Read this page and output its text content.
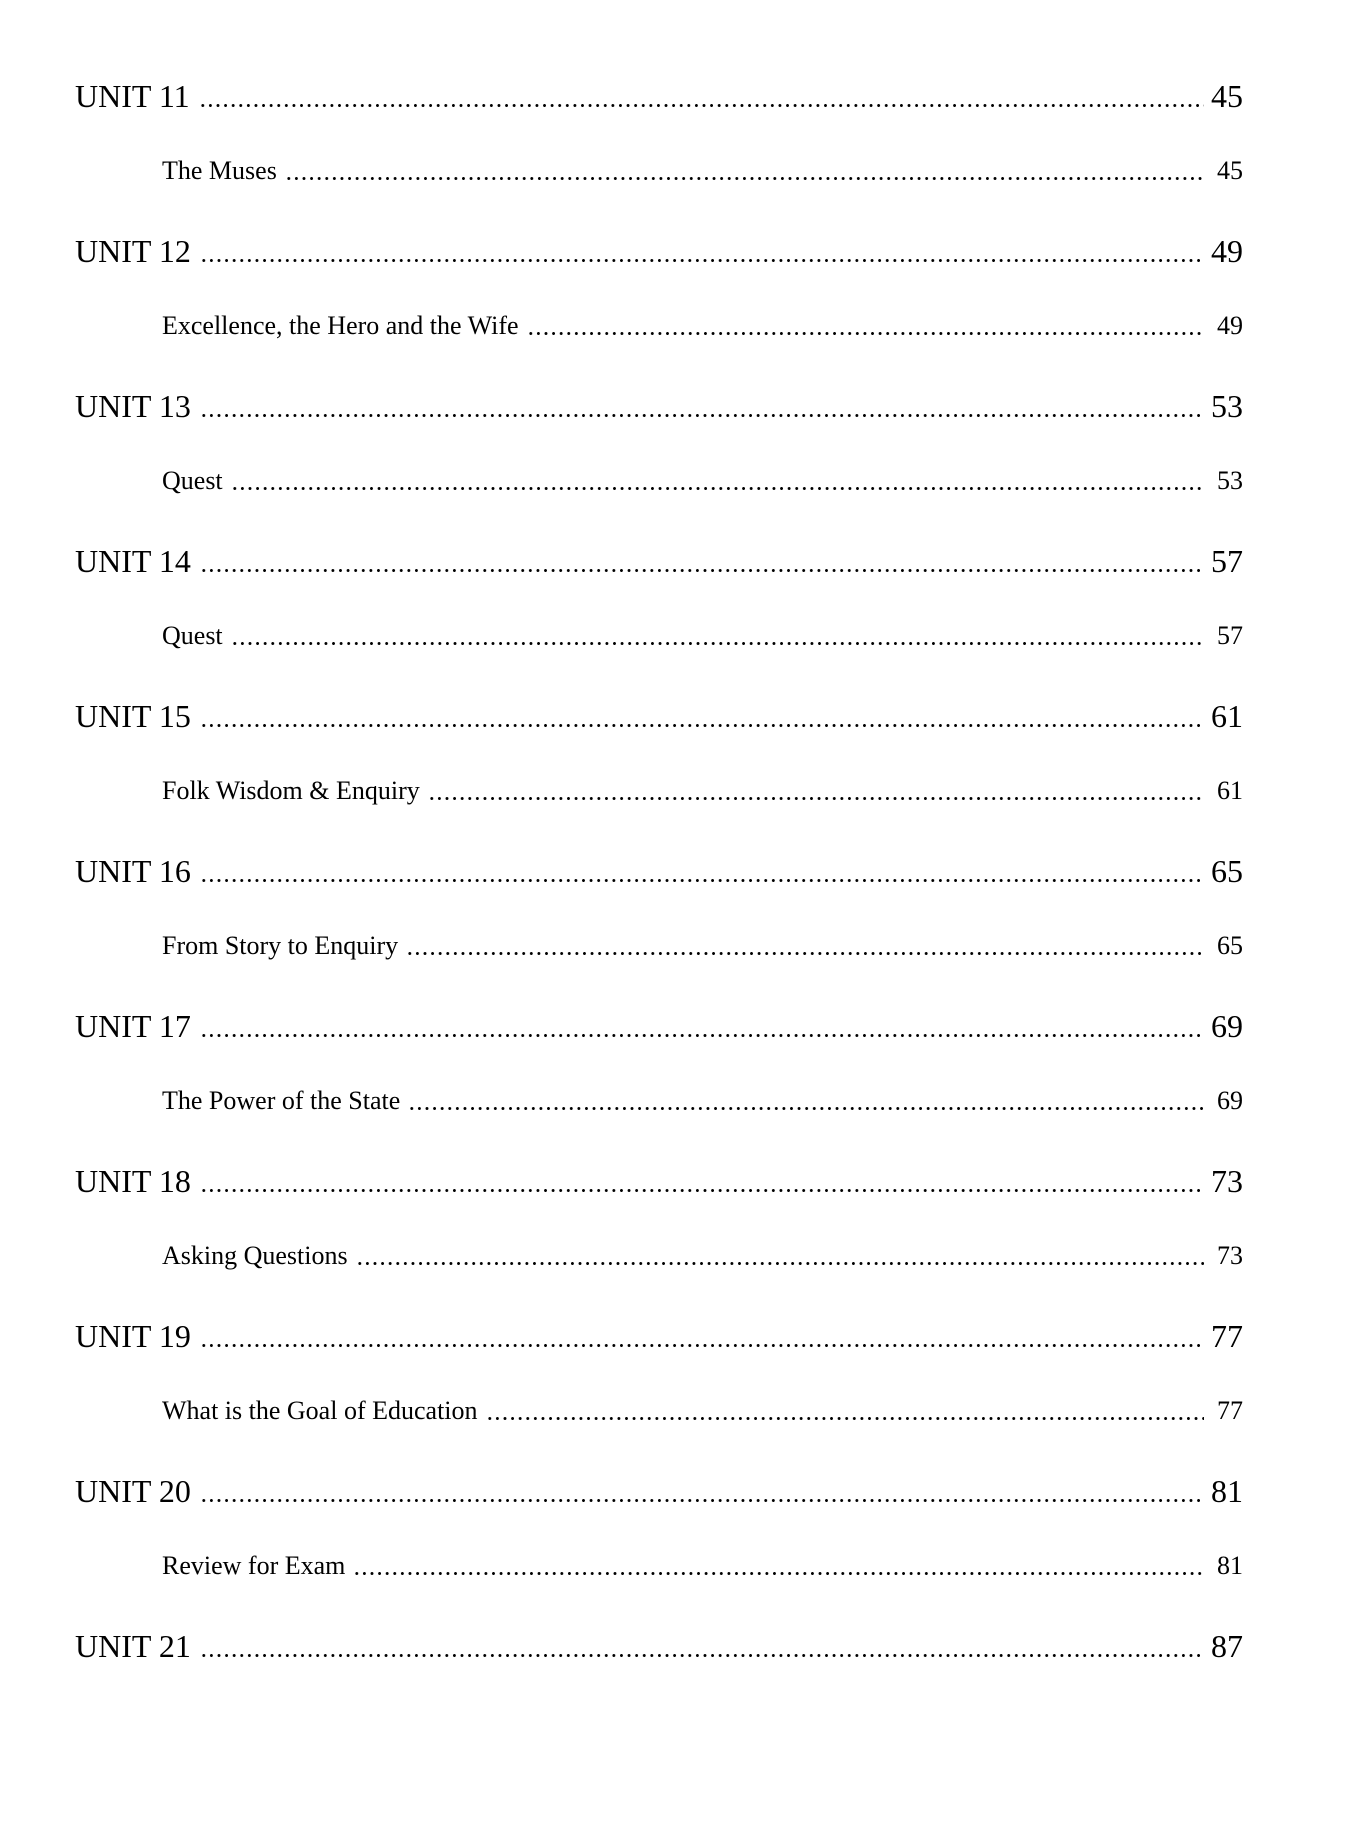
UNIT 11	45
The Muses	45
UNIT 12	49
Excellence, the Hero and the Wife	49
UNIT 13	53
Quest	53
UNIT 14	57
Quest	57
UNIT 15	61
Folk Wisdom & Enquiry	61
UNIT 16	65
From Story to Enquiry	65
UNIT 17	69
The Power of the State	69
UNIT 18	73
Asking Questions	73
UNIT 19	77
What is the Goal of Education	77
UNIT 20	81
Review for Exam	81
UNIT 21	87
